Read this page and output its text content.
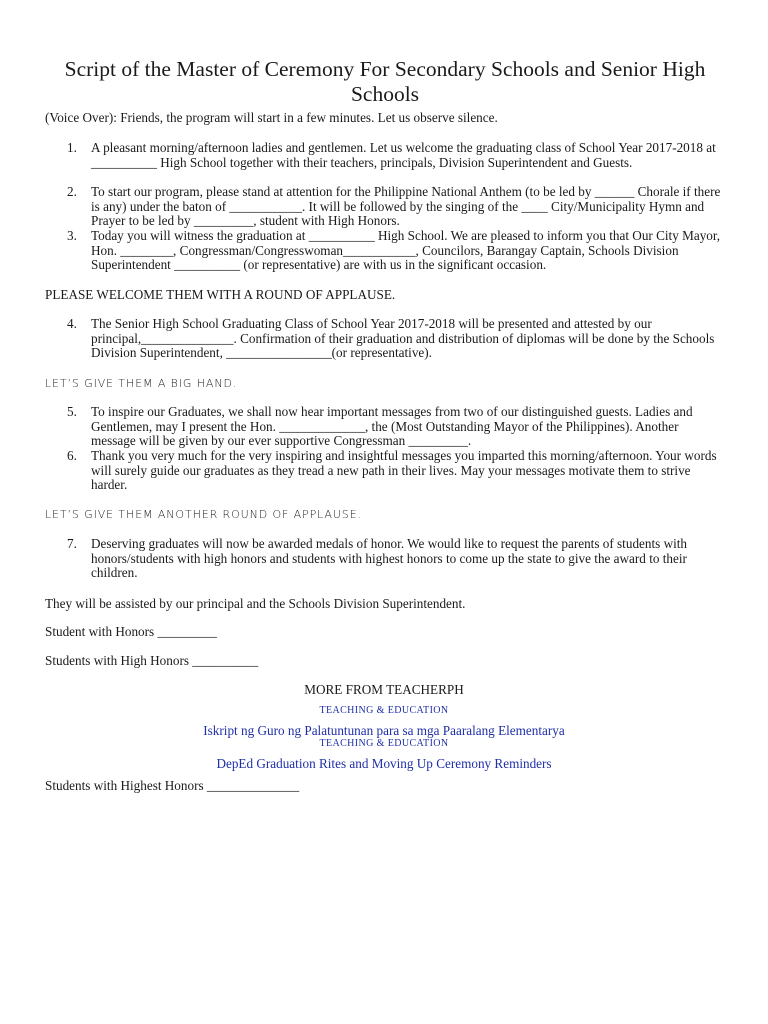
Script of the Master of Ceremony For Secondary Schools and Senior High Schools

(Voice Over): Friends, the program will start in a few minutes. Let us observe silence.

1.	A pleasant morning/afternoon ladies and gentlemen. Let us welcome the graduating class of School Year 2017-2018 at __________ High School together with their teachers, principals, Division Superintendent and Guests.
2.	To start our program, please stand at attention for the Philippine National Anthem (to be led by ______ Chorale if there is any) under the baton of ___________. It will be followed by the singing of the ____ City/Municipality Hymn and Prayer to be led by _________, student with High Honors.
3.	Today you will witness the graduation at __________ High School. We are pleased to inform you that Our City Mayor, Hon. ________, Congressman/Congresswoman___________, Councilors, Barangay Captain, Schools Division Superintendent __________ (or representative) are with us in the significant occasion.

PLEASE WELCOME THEM WITH A ROUND OF APPLAUSE.

4.	The Senior High School Graduating Class of School Year 2017-2018 will be presented and attested by our principal,______________. Confirmation of their graduation and distribution of diplomas will be done by the Schools Division Superintendent, ________________(or representative).

LET’S GIVE THEM A BIG HAND.

5.	To inspire our Graduates, we shall now hear important messages from two of our distinguished guests. Ladies and Gentlemen, may I present the Hon. _____________, the (Most Outstanding Mayor of the Philippines). Another message will be given by our ever supportive Congressman _________.
6.	Thank you very much for the very inspiring and insightful messages you imparted this morning/afternoon. Your words will surely guide our graduates as they tread a new path in their lives. May your messages motivate them to strive harder.

LET’S GIVE THEM ANOTHER ROUND OF APPLAUSE.

7.	Deserving graduates will now be awarded medals of honor. We would like to request the parents of students with honors/students with high honors and students with highest honors to come up the state to give the award to their children.

They will be assisted by our principal and the Schools Division Superintendent.

Student with Honors _________

Students with High Honors __________

MORE FROM TEACHERPH

TEACHING & EDUCATION

Iskript ng Guro ng Palatuntunan para sa mga Paaralang Elementarya

TEACHING & EDUCATION

DepEd Graduation Rites and Moving Up Ceremony Reminders

Students with Highest Honors ______________
